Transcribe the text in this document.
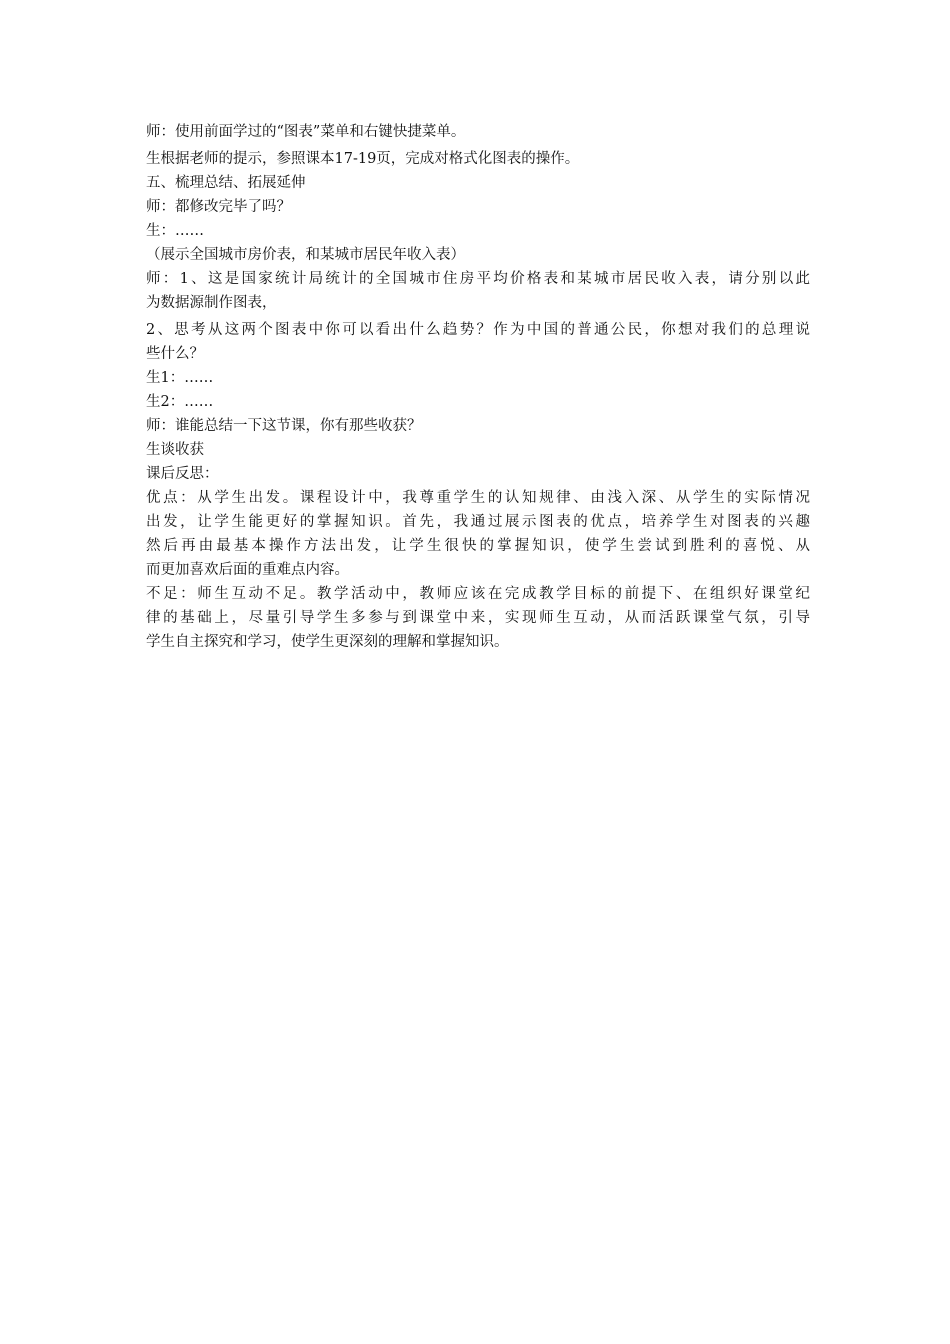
师：使用前面学过的“图表”菜单和右键快捷菜单。
生根据老师的提示，参照课本17-19页，完成对格式化图表的操作。
五、梳理总结、拓展延伸
师：都修改完毕了吗？
生：……
（展示全国城市房价表，和某城市居民年收入表）
师：1、这是国家统计局统计的全国城市住房平均价格表和某城市居民收入表，请分别以此
为数据源制作图表，
2、思考从这两个图表中你可以看出什么趋势？作为中国的普通公民，你想对我们的总理说
些什么？
生1：……
生2：……
师：谁能总结一下这节课，你有那些收获？
生谈收获
课后反思：
优点：从学生出发。课程设计中，我尊重学生的认知规律、由浅入深、从学生的实际情况
出发，让学生能更好的掌握知识。首先，我通过展示图表的优点，培养学生对图表的兴趣
然后再由最基本操作方法出发，让学生很快的掌握知识，使学生尝试到胜利的喜悦、从
而更加喜欢后面的重难点内容。
不足：师生互动不足。教学活动中，教师应该在完成教学目标的前提下、在组织好课堂纪
律的基础上，尽量引导学生多参与到课堂中来，实现师生互动，从而活跃课堂气氛，引导
学生自主探究和学习，使学生更深刻的理解和掌握知识。
